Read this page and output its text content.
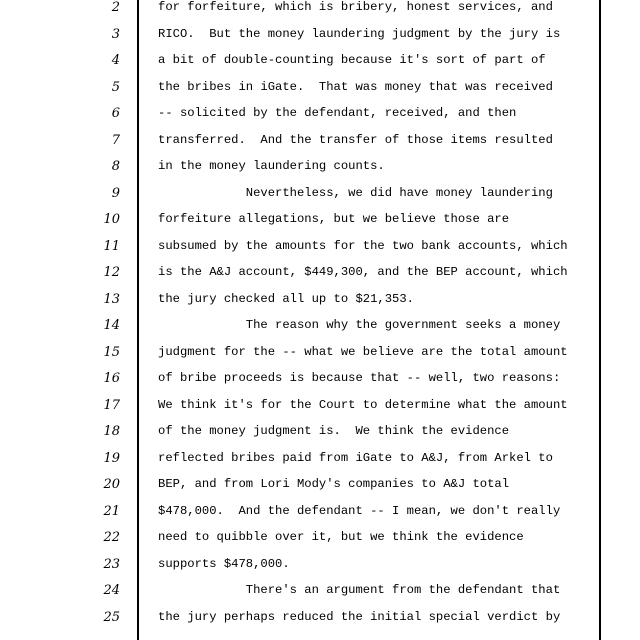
2	for forfeiture, which is bribery, honest services, and
3	RICO.  But the money laundering judgment by the jury is
4	a bit of double-counting because it's sort of part of
5	the bribes in iGate.  That was money that was received
6	-- solicited by the defendant, received, and then
7	transferred.  And the transfer of those items resulted
8	in the money laundering counts.
9	Nevertheless, we did have money laundering
10	forfeiture allegations, but we believe those are
11	subsumed by the amounts for the two bank accounts, which
12	is the A&J account, $449,300, and the BEP account, which
13	the jury checked all up to $21,353.
14	The reason why the government seeks a money
15	judgment for the -- what we believe are the total amount
16	of bribe proceeds is because that -- well, two reasons:
17	We think it's for the Court to determine what the amount
18	of the money judgment is.  We think the evidence
19	reflected bribes paid from iGate to A&J, from Arkel to
20	BEP, and from Lori Mody's companies to A&J total
21	$478,000.  And the defendant -- I mean, we don't really
22	need to quibble over it, but we think the evidence
23	supports $478,000.
24	There's an argument from the defendant that
25	the jury perhaps reduced the initial special verdict by
